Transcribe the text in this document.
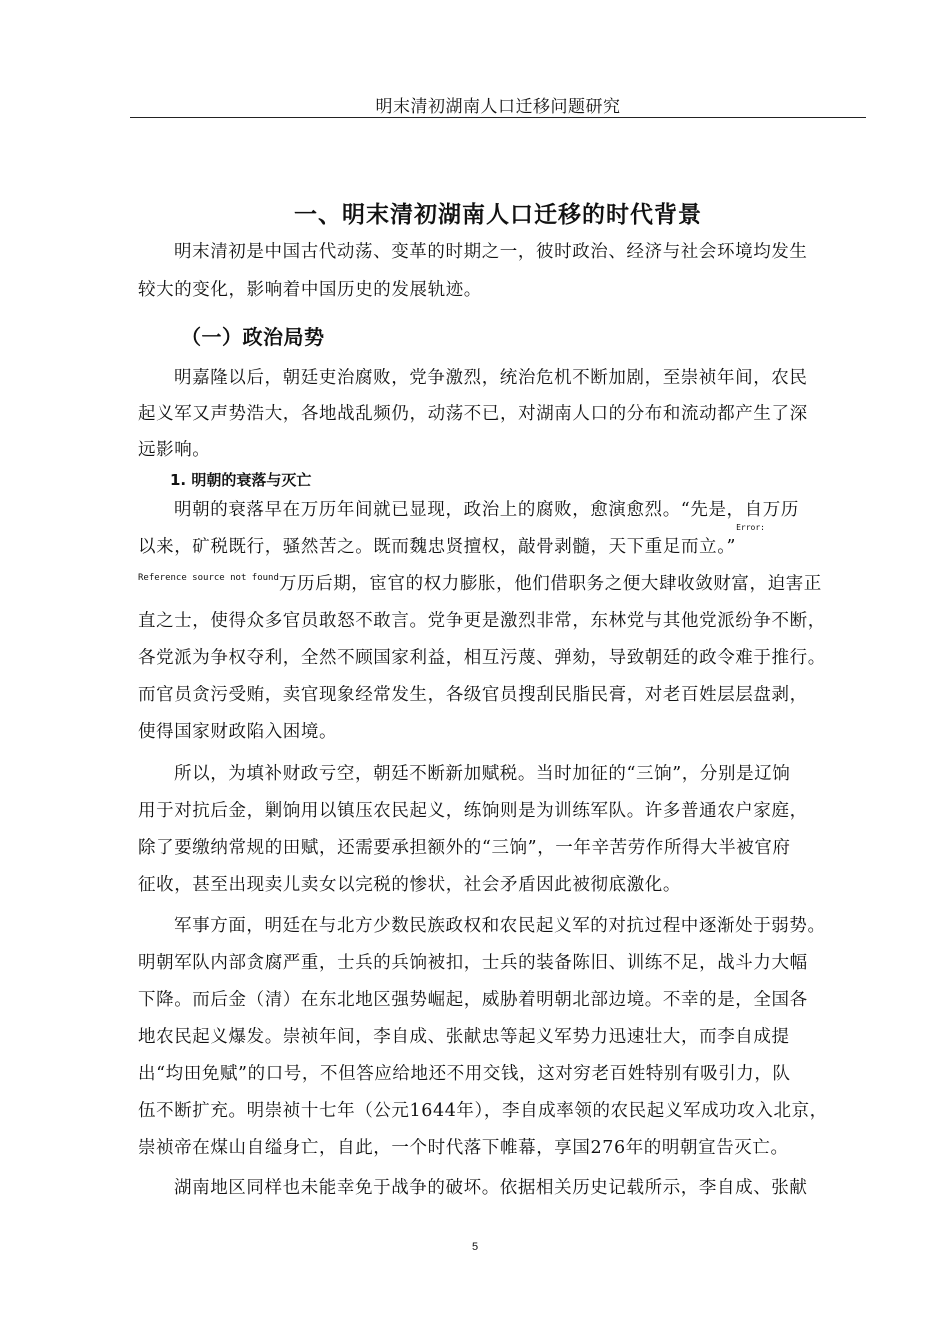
明末清初湖南人口迁移问题研究
一、明末清初湖南人口迁移的时代背景
明末清初是中国古代动荡、变革的时期之一，彼时政治、经济与社会环境均发生
较大的变化，影响着中国历史的发展轨迹。
（一）政治局势
明嘉隆以后，朝廷吏治腐败，党争激烈，统治危机不断加剧，至崇祯年间，农民
起义军又声势浩大，各地战乱频仍，动荡不已，对湖南人口的分布和流动都产生了深
远影响。
1. 明朝的衰落与灭亡
明朝的衰落早在万历年间就已显现，政治上的腐败，愈演愈烈。“先是，自万历
以来，矿税既行，骚然苦之。既而魏忠贤擅权，敲骨剥髓，天下重足而立。”$^{Error:}$
$^{Reference source not found}$万历后期，宦官的权力膨胀，他们借职务之便大肆收敛财富，迫害正
直之士，使得众多官员敢怒不敢言。党争更是激烈非常，东林党与其他党派纷争不断，
各党派为争权夺利，全然不顾国家利益，相互污蔑、弹劾，导致朝廷的政令难于推行。
而官员贪污受贿，卖官现象经常发生，各级官员搜刮民脂民膏，对老百姓层层盘剥，
使得国家财政陷入困境。
所以，为填补财政亏空，朝廷不断新加赋税。当时加征的“三饷”，分别是辽饷
用于对抗后金，剿饷用以镇压农民起义，练饷则是为训练军队。许多普通农户家庭，
除了要缴纳常规的田赋，还需要承担额外的“三饷”，一年辛苦劳作所得大半被官府
征收，甚至出现卖儿卖女以完税的惨状，社会矛盾因此被彻底激化。
军事方面，明廷在与北方少数民族政权和农民起义军的对抗过程中逐渐处于弱势。
明朝军队内部贪腐严重，士兵的兵饷被扣，士兵的装备陈旧、训练不足，战斗力大幅
下降。而后金（清）在东北地区强势崛起，威胁着明朝北部边境。不幸的是，全国各
地农民起义爆发。崇祯年间，李自成、张献忠等起义军势力迅速壮大，而李自成提
出“均田免赋”的口号，不但答应给地还不用交钱，这对穷老百姓特别有吸引力，队
伍不断扩充。明崇祯十七年（公元1644年），李自成率领的农民起义军成功攻入北京，
崇祯帝在煤山自缢身亡，自此，一个时代落下帷幕，享国276年的明朝宣告灭亡。
湖南地区同样也未能幸免于战争的破坏。依据相关历史记载所示，李自成、张献
5
